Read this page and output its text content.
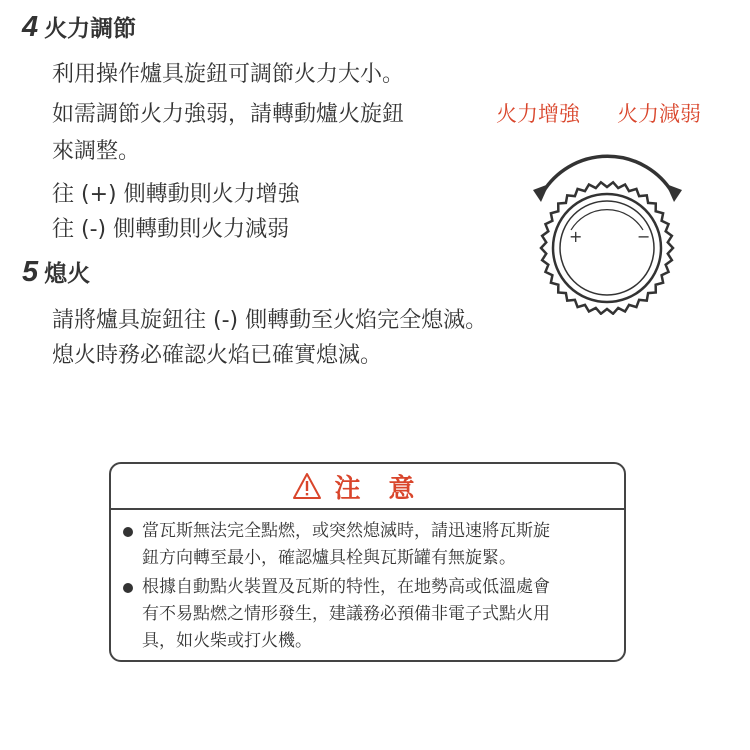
4 火力調節
利用操作爐具旋鈕可調節火力大小。
如需調節火力強弱，請轉動爐火旋鈕
來調整。
往 (+) 側轉動則火力增強
往 (-) 側轉動則火力減弱
火力增強 火力減弱
+	−
5 熄火
請將爐具旋鈕往 (-) 側轉動至火焰完全熄滅。
熄火時務必確認火焰已確實熄滅。
注意
當瓦斯無法完全點燃，或突然熄滅時，請迅速將瓦斯旋
鈕方向轉至最小，確認爐具栓與瓦斯罐有無旋緊。
根據自動點火裝置及瓦斯的特性，在地勢高或低溫處會
有不易點燃之情形發生，建議務必預備非電子式點火用
具，如火柴或打火機。
